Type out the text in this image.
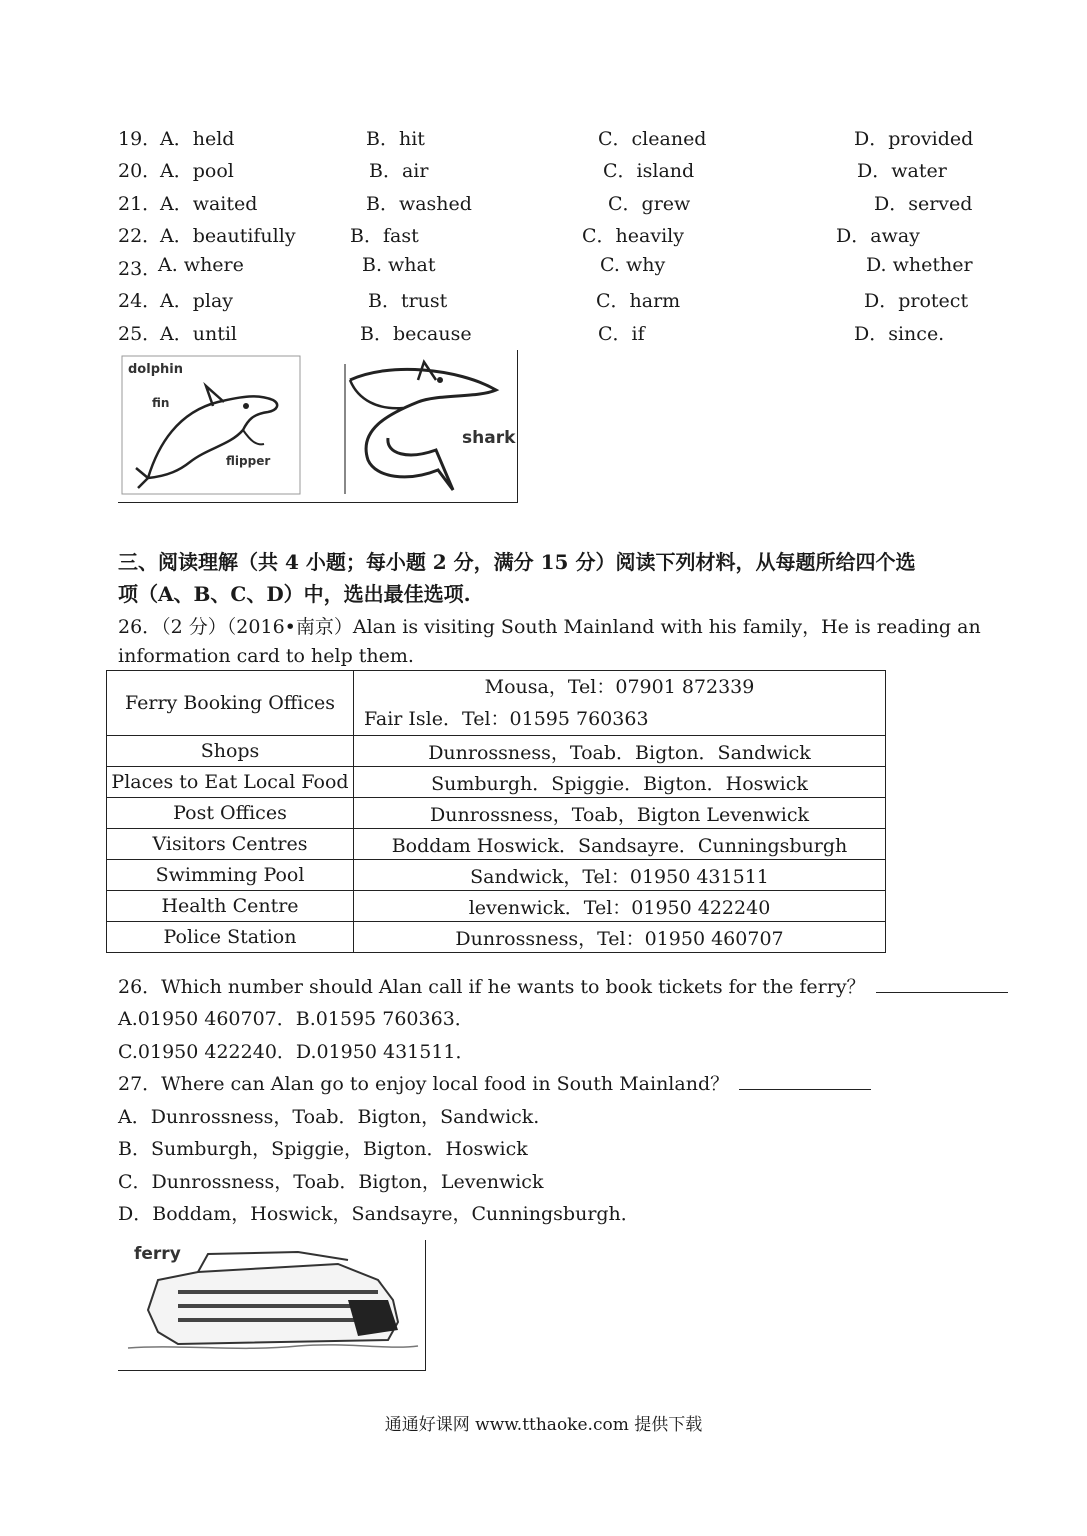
19．
A．held	B．hit	C．cleaned	D．provided
20．
A．pool	B．air	C．island	D．water
21．
A．waited	B．washed	C．grew	D．served
22．
A．beautifully	B．fast	C．heavily	D．away
23．
A. where	B. what	C. why	D. whether
24．
A．play	B．trust	C．harm	D．protect
25．
A．until	B．because	C．if	D．since.
dolphin
fin
flipper
shark
三、阅读理解（共 4 小题；每小题 2 分，满分 15 分）阅读下列材料，从每题所给四个选
项（A、B、C、D）中，选出最佳选项.
26．（2 分）（2016•南京）Alan is visiting South Mainland with his family，He is reading an
information card to help them.
Ferry Booking Offices	Mousa，Tel：07901 872339
Fair Isle．Tel：01595 760363

Shops	Dunrossness，Toab．Bigton．Sandwick
Places to Eat Local Food	Sumburgh．Spiggie．Bigton．Hoswick
Post Offices	Dunrossness，Toab，Bigton Levenwick
Visitors Centres	Boddam Hoswick．Sandsayre．Cunningsburgh
Swimming Pool	Sandwick，Tel：01950 431511
Health Centre	levenwick．Tel：01950 422240
Police Station	Dunrossness，Tel：01950 460707
26．Which number should Alan call if he wants to book tickets for the ferry？
A.01950 460707．B.01595 760363．
C.01950 422240．D.01950 431511．
27．Where can Alan go to enjoy local food in South Mainland？
A．Dunrossness，Toab．Bigton，Sandwick.
B．Sumburgh，Spiggie，Bigton．Hoswick
C．Dunrossness，Toab．Bigton，Levenwick
D．Boddam，Hoswick，Sandsayre，Cunningsburgh．
ferry
通通好课网 www.tthaoke.com 提供下载
